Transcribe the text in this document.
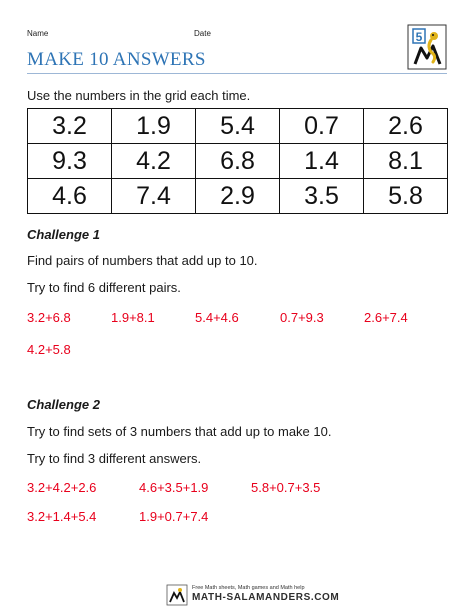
Name	Date
MAKE 10 ANSWERS
5
Use the numbers in the grid each time.
3.2	1.9	5.4	0.7	2.6
9.3	4.2	6.8	1.4	8.1
4.6	7.4	2.9	3.5	5.8
Challenge 1
Find pairs of numbers that add up to 10.
Try to find 6 different pairs.
3.2+6.8	1.9+8.1	5.4+4.6	0.7+9.3	2.6+7.4
4.2+5.8
Challenge 2
Try to find sets of 3 numbers that add up to make 10.
Try to find 3 different answers.
3.2+4.2+2.6	4.6+3.5+1.9	5.8+0.7+3.5
3.2+1.4+5.4	1.9+0.7+7.4
Free Math sheets, Math games and Math help
MATH-SALAMANDERS.COM
